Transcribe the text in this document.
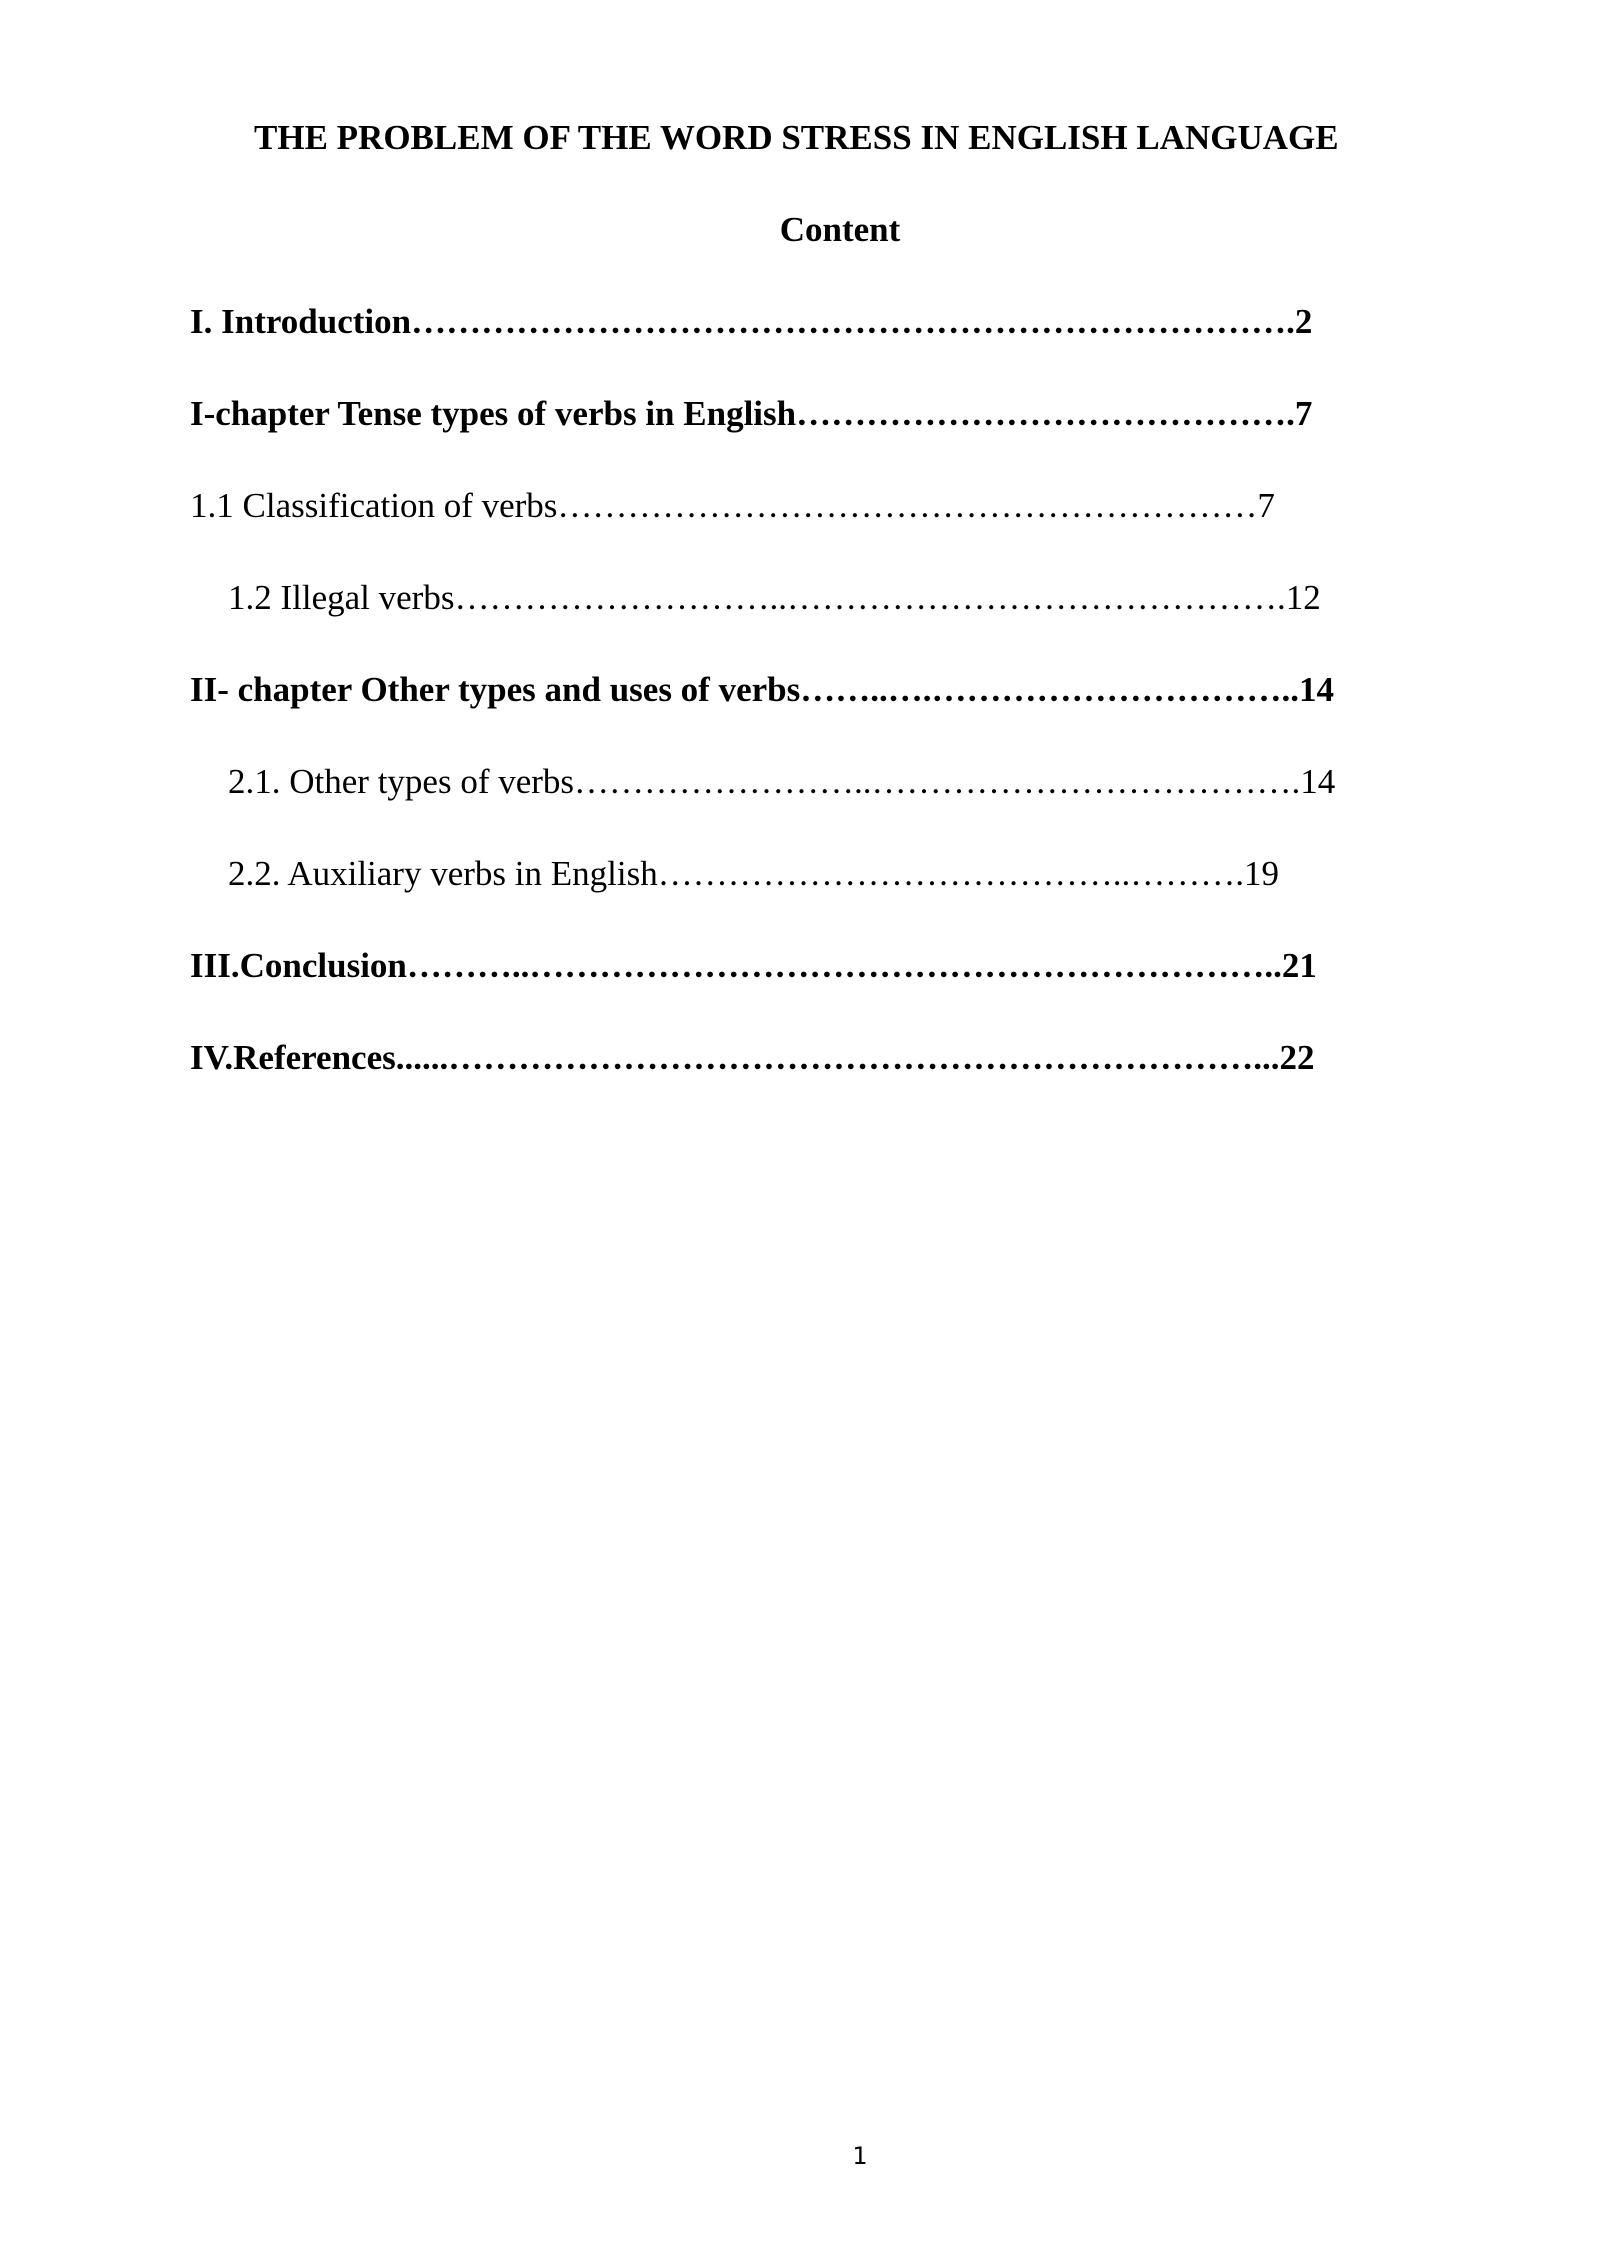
THE PROBLEM OF THE WORD STRESS IN ENGLISH LANGUAGE
Content
I. Introduction………………………………………………………………….2
I-chapter Tense types of verbs in English…………………………………….7
1.1 Classification of verbs……………………………………………………7
1.2 Illegal verbs………………………..…………………………………….12
II- chapter Other types and uses of verbs……..….…………………………..14
2.1. Other types of verbs……………………..……………………………….14
2.2. Auxiliary verbs in English…………………………………..……….19
III.Conclusion………..………………………………………………………..21
IV.References......……………………………………………………………...22
1
